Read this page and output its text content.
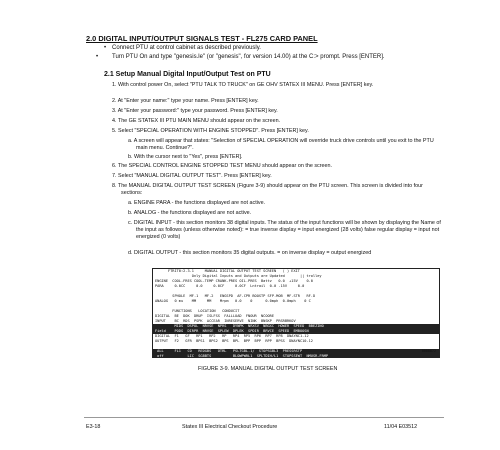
2.0 DIGITAL INPUT/OUTPUT SIGNALS TEST - FL275 CARD PANEL
• Connect PTU at control cabinet as described previously.
• Turn PTU On and type "genesis.le" (or "genesis", for version 14.00) at the C:> prompt. Press [ENTER].
2.1 Setup Manual Digital Input/Output Test on PTU
1. With control power On, select "PTU TALK TO TRUCK" on GE OHV STATEX III MENU. Press [ENTER] key.
2. At "Enter your name:" type your name. Press [ENTER] key.
3. At "Enter your password:" type your password. Press [ENTER] key.
4. The GE STATEX III PTU MAIN MENU should appear on the screen.
5. Select "SPECIAL OPERATION WITH ENGINE STOPPED". Press [ENTER] key.
a. A screen will appear that states: "Selection of SPECIAL OPERATION will override truck drive controls until you exit to the PTU main menu. Continue?".
b. With the cursor next to "Yes", press [ENTER].
6. The SPECIAL CONTROL ENGINE STOPPED TEST MENU should appear on the screen.
7. Select "MANUAL DIGITAL OUTPUT TEST". Press [ENTER] key.
8. The MANUAL DIGITAL OUTPUT TEST SCREEN (Figure 3-9) should appear on the PTU screen. This screen is divided into four sections:
a. ENGINE PARA - the functions displayed are not active.
b. ANALOG - the functions displayed are not active.
c. DIGITAL INPUT - this section monitors 38 digital inputs. The status of the input functions will be shown by displaying the Name of the input as follows (unless otherwise noted): = true inverse display = input energized (28 volts) false regular display = input not energized (0 volts)
d. DIGITAL OUTPUT - this section monitors 35 digital outputs. = on inverse display = output energized
FTRIT0:2-3.1     MANUAL DIGITAL OUTPUT TEST SCREEN   ( ) EXIT
Only Digital Inputs and Outputs are Updated       || trolley
ENGINE  COOL-FRES COOL-TEMP CRANK-PRES OIL-PRES  Battv   0.0  +15V    0.0
PARA     0.0CC     0.0     0.0CF     0.0CF  Lntrail  0.0 -15V     0.0

SPHOLE  MF.1   MF.2   ENGSPD  AF-CPR BOOSTP SFP.MOB  MF.STR   RF.D
ANALOG   0 mu    MM     MM    Mrpm   0.0    0      0.0mph  0.0mph    0 C

FUNCTIONS   LOCATION   CONDUCIT
DIGITAL  BE  DOK  DRUP  ISLFSS  FALLLOAD  FNOUR  NCOORE
INPUT    BC  RDS  PSPK  ACCEAR  INRESERVE  NINK  BNSKP  PRSRBRKOV
MIDS  DSPOL  NRVSE  NPRS   DYNPK  NRXSV  NBGXC  HOWER  SPEED  BBEZINO
Field    PODG  DIRPR  NRVSE  SPLEW  DPLEK  SPDIR  BRVCE  SPEED  EMBOOSN
DIGITAL  F1   GF   RP1   RP2   RP   RP4  RP5  RP6  RP7  RP8  DNAYNC1-12
OUTPUT   F2   GFR  BPS1  BPS2  BPS  BPL  BPP  BPP  RPP  BPSS  DNAYNC10-12

ALL     FL1   CO   REDGBS   OTRL   PSLTGBL-1/  STOPSGBL3  PRESSRSTP
off           LIC  SGBBTS          BLOWPWRL1  SPLTDIH/L1  STOPSSEWT  NMUSR-FRMP

0000072
FIGURE 3-9. MANUAL DIGITAL OUTPUT TEST SCREEN
E3-18	Statex III Electrical Checkout Procedure	11/04 E03512
